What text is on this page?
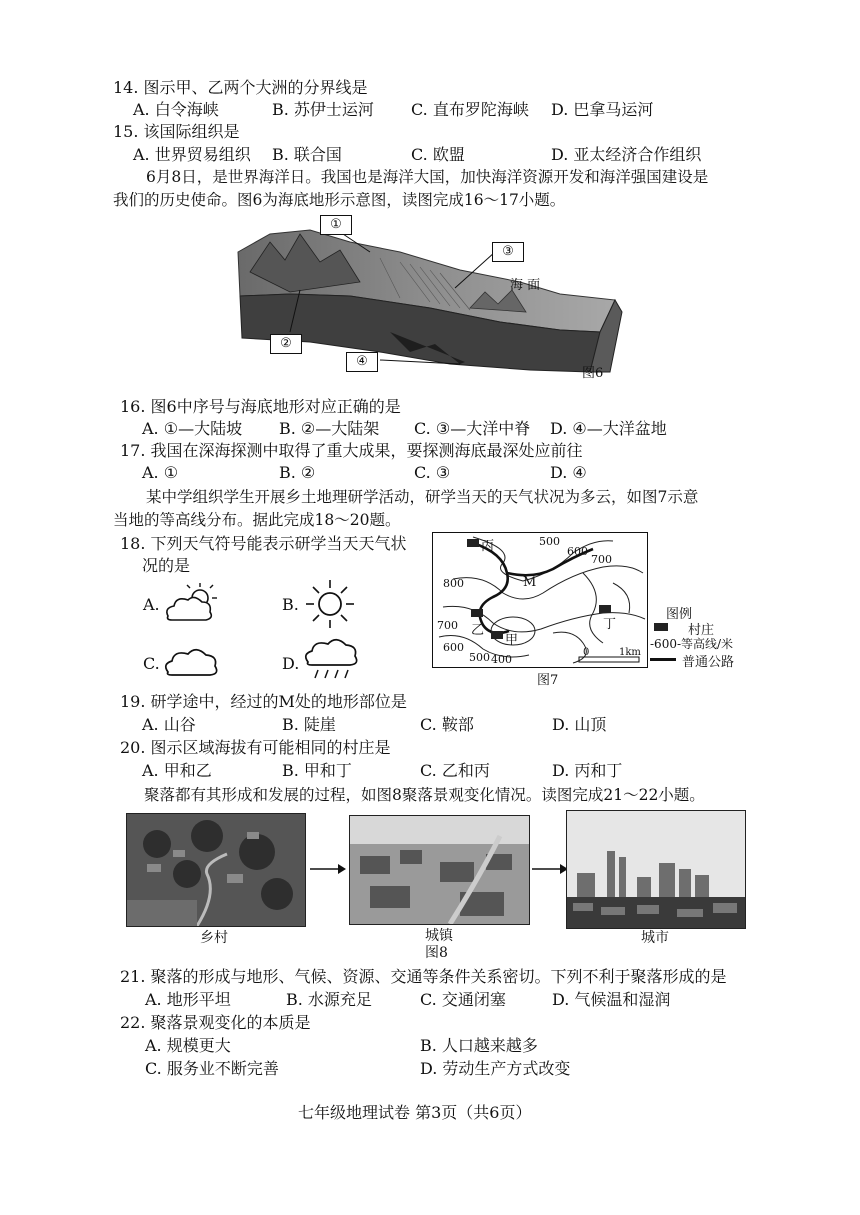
14. 图示甲、乙两个大洲的分界线是
A. 白令海峡	B. 苏伊士运河 C. 直布罗陀海峡 D. 巴拿马运河
15. 该国际组织是
A. 世界贸易组织 B. 联合国	C. 欧盟	D. 亚太经济合作组织
6月8日，是世界海洋日。我国也是海洋大国，加快海洋资源开发和海洋强国建设是
我们的历史使命。图6为海底地形示意图，读图完成16～17小题。
①
②
③
④
海 面
图6
16. 图6中序号与海底地形对应正确的是
A. ①—大陆坡 B. ②—大陆架 C. ③—大洋中脊 D. ④—大洋盆地
17. 我国在深海探测中取得了重大成果，要探测海底最深处应前往
A. ①	B. ②	C. ③	D. ④
某中学组织学生开展乡土地理研学活动，研学当天的天气状况为多云，如图7示意
当地的等高线分布。据此完成18～20题。
18. 下列天气符号能表示研学当天天气状
况的是
A.	B.
C.	D.
丙
乙
甲
丁
M
500
600
700
800
700
600
500 400
0	1km
图例
村庄
-600-等高线/米
普通公路
图7
19. 研学途中，经过的M处的地形部位是
A. 山谷	B. 陡崖	C. 鞍部	D. 山顶
20. 图示区域海拔有可能相同的村庄是
A. 甲和乙	B. 甲和丁	C. 乙和丙	D. 丙和丁
聚落都有其形成和发展的过程，如图8聚落景观变化情况。读图完成21～22小题。
乡村	城镇	城市
图8
21. 聚落的形成与地形、气候、资源、交通等条件关系密切。下列不利于聚落形成的是
A. 地形平坦	B. 水源充足	C. 交通闭塞	D. 气候温和湿润
22. 聚落景观变化的本质是
A. 规模更大	B. 人口越来越多
C. 服务业不断完善	D. 劳动生产方式改变
七年级地理试卷 第3页（共6页）
